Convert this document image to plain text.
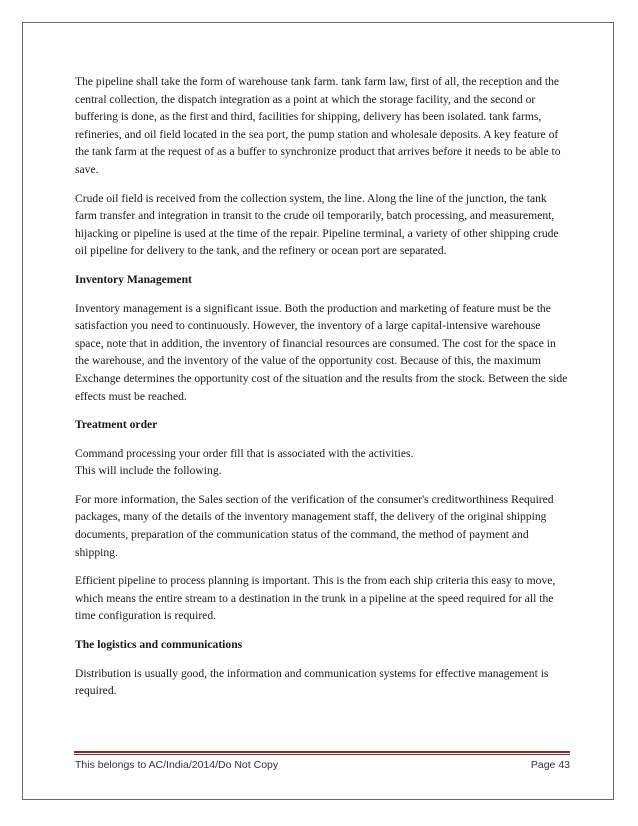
The pipeline shall take the form of warehouse tank farm. tank farm law, first of all, the reception and the central collection, the dispatch integration as a point at which the storage facility, and the second or buffering is done, as the first and third, facilities for shipping, delivery has been isolated. tank farms, refineries, and oil field located in the sea port, the pump station and wholesale deposits. A key feature of the tank farm at the request of as a buffer to synchronize product that arrives before it needs to be able to save.

Crude oil field is received from the collection system, the line. Along the line of the junction, the tank farm transfer and integration in transit to the crude oil temporarily, batch processing, and measurement, hijacking or pipeline is used at the time of the repair. Pipeline terminal, a variety of other shipping crude oil pipeline for delivery to the tank, and the refinery or ocean port are separated.

Inventory Management

Inventory management is a significant issue. Both the production and marketing of feature must be the satisfaction you need to continuously. However, the inventory of a large capital-intensive warehouse space, note that in addition, the inventory of financial resources are consumed. The cost for the space in the warehouse, and the inventory of the value of the opportunity cost. Because of this, the maximum Exchange determines the opportunity cost of the situation and the results from the stock. Between the side effects must be reached.

Treatment order

Command processing your order fill that is associated with the activities.
This will include the following.

For more information, the Sales section of the verification of the consumer's creditworthiness Required packages, many of the details of the inventory management staff, the delivery of the original shipping documents, preparation of the communication status of the command, the method of payment and shipping.

Efficient pipeline to process planning is important. This is the from each ship criteria this easy to move, which means the entire stream to a destination in the trunk in a pipeline at the speed required for all the time configuration is required.

The logistics and communications

Distribution is usually good, the information and communication systems for effective management is required.

This belongs to AC/India/2014/Do Not Copy	Page 43
